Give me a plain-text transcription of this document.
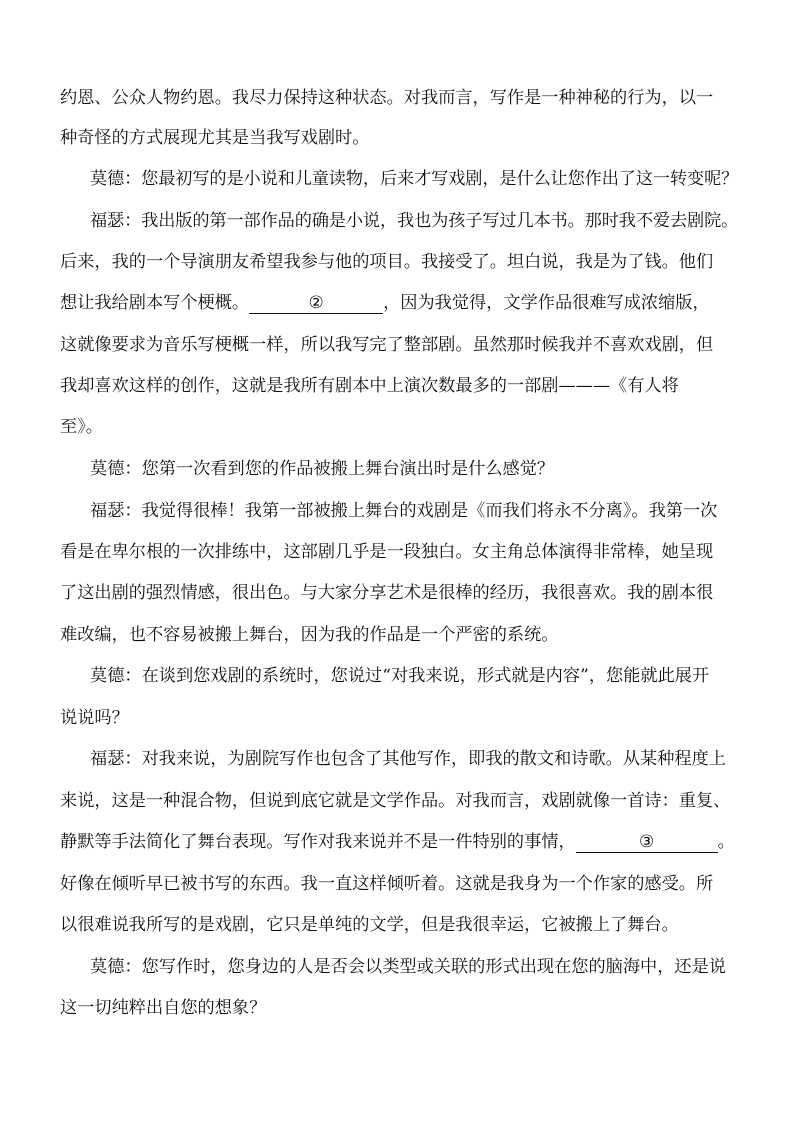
约恩、公众人物约恩。我尽力保持这种状态。对我而言，写作是一种神秘的行为，以一
种奇怪的方式展现尤其是当我写戏剧时。
莫德：您最初写的是小说和儿童读物，后来才写戏剧，是什么让您作出了这一转变呢？
福瑟：我出版的第一部作品的确是小说，我也为孩子写过几本书。那时我不爱去剧院。
后来，我的一个导演朋友希望我参与他的项目。我接受了。坦白说，我是为了钱。他们
想让我给剧本写个梗概。	②	，因为我觉得，文学作品很难写成浓缩版，
这就像要求为音乐写梗概一样，所以我写完了整部剧。虽然那时候我并不喜欢戏剧，但
我却喜欢这样的创作，这就是我所有剧本中上演次数最多的一部剧———《有人将
至》。
莫德：您第一次看到您的作品被搬上舞台演出时是什么感觉？
福瑟：我觉得很棒！我第一部被搬上舞台的戏剧是《而我们将永不分离》。我第一次
看是在卑尔根的一次排练中，这部剧几乎是一段独白。女主角总体演得非常棒，她呈现
了这出剧的强烈情感，很出色。与大家分享艺术是很棒的经历，我很喜欢。我的剧本很
难改编，也不容易被搬上舞台，因为我的作品是一个严密的系统。
莫德：在谈到您戏剧的系统时，您说过“对我来说，形式就是内容”，您能就此展开
说说吗？
福瑟：对我来说，为剧院写作也包含了其他写作，即我的散文和诗歌。从某种程度上
来说，这是一种混合物，但说到底它就是文学作品。对我而言，戏剧就像一首诗：重复、
静默等手法简化了舞台表现。写作对我来说并不是一件特别的事情，	③	。
好像在倾听早已被书写的东西。我一直这样倾听着。这就是我身为一个作家的感受。所
以很难说我所写的是戏剧，它只是单纯的文学，但是我很幸运，它被搬上了舞台。
莫德：您写作时，您身边的人是否会以类型或关联的形式出现在您的脑海中，还是说
这一切纯粹出自您的想象？
